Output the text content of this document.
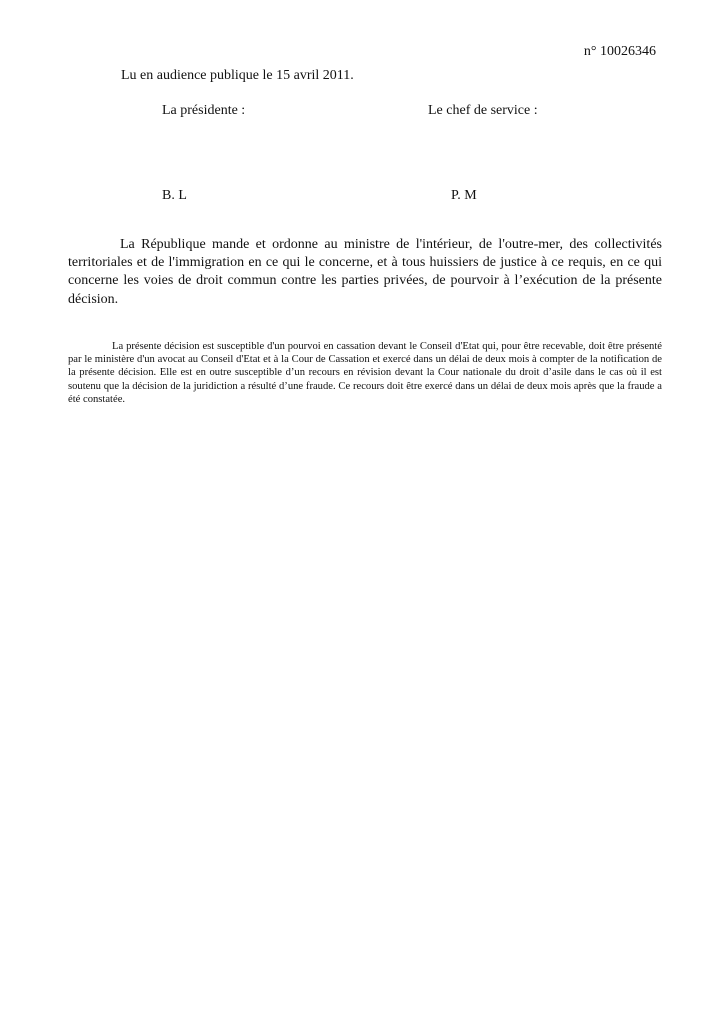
n° 10026346
Lu en audience publique le 15 avril 2011.
La présidente :	Le chef de service :
B. L	P. M

La République mande et ordonne au ministre de l'intérieur, de l'outre-mer, des collectivités territoriales et de l'immigration en ce qui le concerne, et à tous huissiers de justice à ce requis, en ce qui concerne les voies de droit commun contre les parties privées, de pourvoir à l’exécution de la présente décision.

La présente décision est susceptible d'un pourvoi en cassation devant le Conseil d'Etat qui, pour être recevable, doit être présenté par le ministère d'un avocat au Conseil d'Etat et à la Cour de Cassation et exercé dans un délai de deux mois à compter de la notification de la présente décision. Elle est en outre susceptible d’un recours en révision devant la Cour nationale du droit d’asile dans le cas où il est soutenu que la décision de la juridiction a résulté d’une fraude. Ce recours doit être exercé dans un délai de deux mois après que la fraude a été constatée.
